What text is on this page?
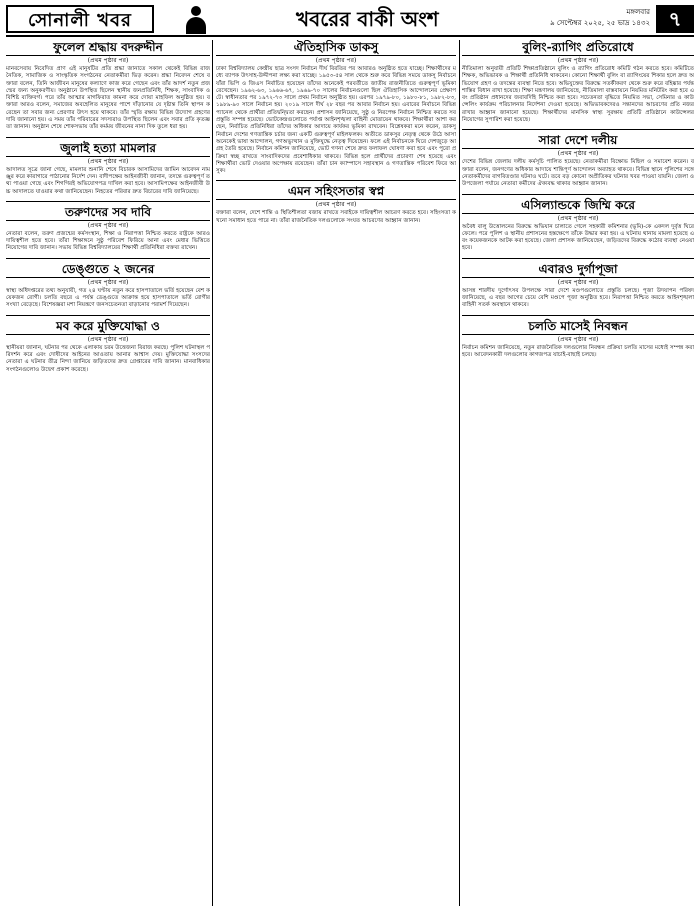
সোনালী খবর	খবরের বাকী অংশ	মঙ্গলবার
৯ সেপ্টেম্বর ২০২৫, ২৫ ভাদ্র ১৪৩২ ৭
ফুলেল শ্রদ্ধায় বদরুদ্দীন
(প্রথম পৃষ্ঠার পর)
মানবসেবায় নিবেদিত প্রাণ এই মানুষটির প্রতি শ্রদ্ধা জানাতে সকাল থেকেই বিভিন্ন রাজনৈতিক, সামাজিক ও সাংস্কৃতিক সংগঠনের নেতাকর্মীরা ভিড় করেন। শ্রদ্ধা নিবেদন শেষে বক্তারা বলেন, তিনি আজীবন মানুষের কল্যাণে কাজ করে গেছেন এবং তাঁর আদর্শ নতুন প্রজন্মের জন্য অনুকরণীয়। অনুষ্ঠানে উপস্থিত ছিলেন স্থানীয় জনপ্রতিনিধি, শিক্ষক, সাংবাদিক ও বিশিষ্ট ব্যক্তিবর্গ। পরে তাঁর আত্মার মাগফিরাত কামনা করে দোয়া মাহফিল অনুষ্ঠিত হয়। বক্তারা আরও বলেন, সমাজের অবহেলিত মানুষের পাশে দাঁড়ানোর যে দৃষ্টান্ত তিনি স্থাপন করেছেন তা সবার জন্য প্রেরণার উৎস হয়ে থাকবে। তাঁর স্মৃতি রক্ষায় বিভিন্ন উদ্যোগ গ্রহণের দাবি জানানো হয়। এ সময় তাঁর পরিবারের সদস্যরাও উপস্থিত ছিলেন এবং সবার প্রতি কৃতজ্ঞতা জানান। অনুষ্ঠান শেষে শোকসভায় তাঁর কর্মময় জীবনের নানা দিক তুলে ধরা হয়।
জুলাই হত্যা মামলার
(প্রথম পৃষ্ঠার পর)
আদালত সূত্রে জানা গেছে, মামলার শুনানি শেষে বিচারক আসামিদের জামিন আবেদন নামঞ্জুর করে কারাগারে পাঠানোর নির্দেশ দেন। বাদীপক্ষের আইনজীবী জানান, তদন্তে গুরুত্বপূর্ণ তথ্য পাওয়া গেছে এবং শিগগিরই অভিযোগপত্র দাখিল করা হবে। আসামিপক্ষের আইনজীবী উচ্চ আদালতে যাওয়ার কথা জানিয়েছেন। নিহতের পরিবার দ্রুত বিচারের দাবি জানিয়েছে।
তরুণদের সব দাবি
(প্রথম পৃষ্ঠার পর)
নেতারা বলেন, তরুণ প্রজন্মের কর্মসংস্থান, শিক্ষা ও নিরাপত্তা নিশ্চিত করতে রাষ্ট্রকে আরও দায়িত্বশীল হতে হবে। তাঁরা শিক্ষাঙ্গনে সুষ্ঠু পরিবেশ ফিরিয়ে আনা এবং মেধার ভিত্তিতে নিয়োগের দাবি জানান। সভায় বিভিন্ন বিশ্ববিদ্যালয়ের শিক্ষার্থী প্রতিনিধিরা বক্তব্য রাখেন।
ডেঙ্গুতে ২ জনের
(প্রথম পৃষ্ঠার পর)
স্বাস্থ্য অধিদপ্তরের তথ্য অনুযায়ী, গত ২৪ ঘণ্টায় নতুন করে হাসপাতালে ভর্তি হয়েছেন বেশ কয়েকজন রোগী। চলতি বছরে এ পর্যন্ত ডেঙ্গুতে আক্রান্ত হয়ে হাসপাতালে ভর্তি রোগীর সংখ্যা বেড়েছে। বিশেষজ্ঞরা মশা নিয়ন্ত্রণে জনসচেতনতা বাড়ানোর পরামর্শ দিয়েছেন।
মব করে মুক্তিযোদ্ধা ও
(প্রথম পৃষ্ঠার পর)
স্থানীয়রা জানান, ঘটনার পর থেকে এলাকায় চরম উত্তেজনা বিরাজ করছে। পুলিশ ঘটনাস্থল পরিদর্শন করে এবং দোষীদের আইনের আওতায় আনার আশ্বাস দেয়। মুক্তিযোদ্ধা সংসদের নেতারা এ ঘটনার তীব্র নিন্দা জানিয়ে জড়িতদের দ্রুত গ্রেপ্তারের দাবি জানান। মানবাধিকার সংগঠনগুলোও উদ্বেগ প্রকাশ করেছে।
ঐতিহাসিক ডাকসু
(প্রথম পৃষ্ঠার পর)
ঢাকা বিশ্ববিদ্যালয় কেন্দ্রীয় ছাত্র সংসদ নির্বাচন দীর্ঘ বিরতির পর আবারও অনুষ্ঠিত হতে যাচ্ছে। শিক্ষার্থীদের মধ্যে ব্যাপক উৎসাহ-উদ্দীপনা লক্ষ্য করা যাচ্ছে। ১৯৫৩-৫৪ সাল থেকে শুরু করে বিভিন্ন সময়ে ডাকসু নির্বাচনে যাঁরা ভিপি ও জিএস নির্বাচিত হয়েছেন তাঁদের অনেকেই পরবর্তীতে জাতীয় রাজনীতিতে গুরুত্বপূর্ণ ভূমিকা রেখেছেন। ১৯৬২-৬৩, ১৯৬৬-৬৭, ১৯৬৯-৭০ সালের নির্বাচনগুলো ছিল ঐতিহাসিক আন্দোলনের প্রেক্ষাপটে। স্বাধীনতার পর ১৯৭২-৭৩ সালে প্রথম নির্বাচন অনুষ্ঠিত হয়। এরপর ১৯৭৯-৮০, ১৯৮০-৮১, ১৯৮২-৮৩, ১৯৮৯-৯০ সালে নির্বাচন হয়। ২০১৯ সালে দীর্ঘ ২৮ বছর পর আবার নির্বাচন হয়। এবারের নির্বাচনে বিভিন্ন প্যানেল থেকে প্রার্থীরা প্রতিদ্বন্দ্বিতা করছেন। প্রশাসন জানিয়েছে, সুষ্ঠু ও নিরপেক্ষ নির্বাচন নিশ্চিত করতে সব প্রস্তুতি সম্পন্ন হয়েছে। ভোটকেন্দ্রগুলোতে পর্যাপ্ত আইনশৃঙ্খলা বাহিনী মোতায়েন থাকবে। শিক্ষার্থীরা আশা করছেন, নির্বাচিত প্রতিনিধিরা তাঁদের অধিকার আদায়ে কার্যকর ভূমিকা রাখবেন। বিশ্লেষকরা মনে করেন, ডাকসু নির্বাচন দেশের গণতান্ত্রিক চর্চার জন্য একটি গুরুত্বপূর্ণ মাইলফলক। অতীতে ডাকসুর নেতৃত্ব থেকে উঠে আসা অনেকেই ভাষা আন্দোলন, গণঅভ্যুত্থান ও মুক্তিযুদ্ধে নেতৃত্ব দিয়েছেন। ফলে এই নির্বাচনকে ঘিরে দেশজুড়ে আগ্রহ তৈরি হয়েছে। নির্বাচন কমিশন জানিয়েছে, ভোট গণনা শেষে দ্রুত ফলাফল ঘোষণা করা হবে এবং পুরো প্রক্রিয়া স্বচ্ছ রাখতে সাংবাদিকদের প্রবেশাধিকার থাকবে। বিভিন্ন হলে প্রার্থীদের প্রচারণা শেষ হয়েছে এবং শিক্ষার্থীরা ভোট দেওয়ার অপেক্ষায় রয়েছেন। তাঁরা চান ক্যাম্পাসে সহাবস্থান ও গণতান্ত্রিক পরিবেশ ফিরে আসুক।
এমন সহিংসতার স্বপ্ন
(প্রথম পৃষ্ঠার পর)
বক্তারা বলেন, দেশে শান্তি ও স্থিতিশীলতা বজায় রাখতে সবাইকে দায়িত্বশীল আচরণ করতে হবে। সহিংসতা কখনো সমাধান হতে পারে না। তাঁরা রাজনৈতিক দলগুলোকে সংযত আচরণের আহ্বান জানান।
বুলিং-র‍্যাগিং প্রতিরোধে
(প্রথম পৃষ্ঠার পর)
নীতিমালা অনুযায়ী প্রতিটি শিক্ষাপ্রতিষ্ঠানে বুলিং ও র‍্যাগিং প্রতিরোধ কমিটি গঠন করতে হবে। কমিটিতে শিক্ষক, অভিভাবক ও শিক্ষার্থী প্রতিনিধি থাকবেন। কোনো শিক্ষার্থী বুলিং বা র‍্যাগিংয়ের শিকার হলে দ্রুত অভিযোগ গ্রহণ ও তদন্তের ব্যবস্থা নিতে হবে। অভিযুক্তের বিরুদ্ধে সতর্কীকরণ থেকে শুরু করে বহিষ্কার পর্যন্ত শাস্তির বিধান রাখা হয়েছে। শিক্ষা মন্ত্রণালয় জানিয়েছে, নীতিমালা বাস্তবায়নে নিয়মিত মনিটরিং করা হবে এবং প্রতিষ্ঠান প্রধানদের জবাবদিহি নিশ্চিত করা হবে। সচেতনতা বৃদ্ধিতে নিয়মিত সভা, সেমিনার ও কাউন্সেলিং কার্যক্রম পরিচালনার নির্দেশনা দেওয়া হয়েছে। অভিভাবকদেরও সন্তানদের আচরণের প্রতি নজর রাখার আহ্বান জানানো হয়েছে। শিক্ষার্থীদের মানসিক স্বাস্থ্য সুরক্ষায় প্রতিটি প্রতিষ্ঠানে কাউন্সেলর নিয়োগের সুপারিশ করা হয়েছে।
সারা দেশে দলীয়
(প্রথম পৃষ্ঠার পর)
দেশের বিভিন্ন জেলায় দলীয় কর্মসূচি পালিত হয়েছে। নেতাকর্মীরা বিক্ষোভ মিছিল ও সমাবেশ করেন। বক্তারা বলেন, জনগণের অধিকার আদায়ে শান্তিপূর্ণ আন্দোলন অব্যাহত থাকবে। বিভিন্ন স্থানে পুলিশের সঙ্গে নেতাকর্মীদের বাগবিতণ্ডার ঘটনাও ঘটে। তবে বড় কোনো অপ্রীতিকর ঘটনার খবর পাওয়া যায়নি। জেলা ও উপজেলা পর্যায়ে নেতারা কর্মীদের ঐক্যবদ্ধ থাকার আহ্বান জানান।
এসিল্যান্ডকে জিম্মি করে
(প্রথম পৃষ্ঠার পর)
অবৈধ বালু উত্তোলনের বিরুদ্ধে অভিযান চালাতে গেলে সহকারী কমিশনার (ভূমি)-কে একদল দুর্বৃত্ত ঘিরে ফেলে। পরে পুলিশ ও স্থানীয় প্রশাসনের হস্তক্ষেপে তাঁকে উদ্ধার করা হয়। এ ঘটনায় থানায় মামলা হয়েছে এবং কয়েকজনকে আটক করা হয়েছে। জেলা প্রশাসক জানিয়েছেন, জড়িতদের বিরুদ্ধে কঠোর ব্যবস্থা নেওয়া হবে।
এবারও দুর্গাপূজা
(প্রথম পৃষ্ঠার পর)
আসন্ন শারদীয় দুর্গোৎসব উপলক্ষে সারা দেশে মণ্ডপগুলোতে প্রস্তুতি চলছে। পূজা উদযাপন পরিষদ জানিয়েছে, এ বছর আগের চেয়ে বেশি মণ্ডপে পূজা অনুষ্ঠিত হবে। নিরাপত্তা নিশ্চিত করতে আইনশৃঙ্খলা বাহিনী সতর্ক অবস্থানে থাকবে।
চলতি মাসেই নিবন্ধন
(প্রথম পৃষ্ঠার পর)
নির্বাচন কমিশন জানিয়েছে, নতুন রাজনৈতিক দলগুলোর নিবন্ধন প্রক্রিয়া চলতি মাসের মধ্যেই সম্পন্ন করা হবে। আবেদনকারী দলগুলোর কাগজপত্র যাচাই-বাছাই চলছে।
